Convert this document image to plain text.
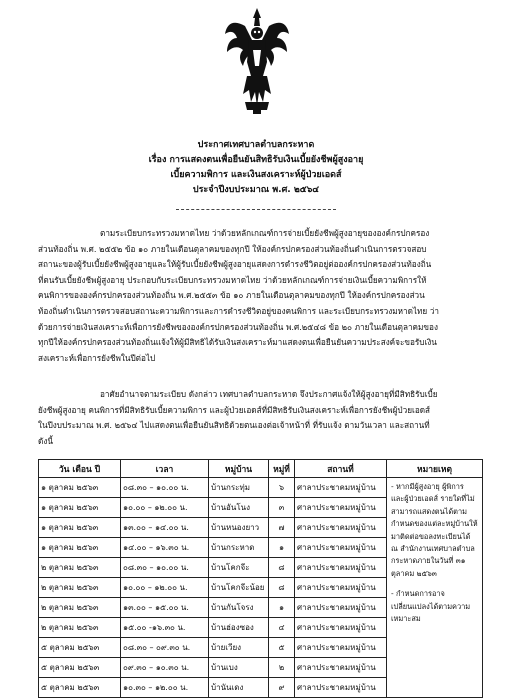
ประกาศเทศบาลตำบลกระหาด
เรื่อง การแสดงตนเพื่อยืนยันสิทธิรับเงินเบี้ยยังชีพผู้สูงอายุ
เบี้ยความพิการ และเงินสงเคราะห์ผู้ป่วยเอดส์
ประจำปีงบประมาณ พ.ศ. ๒๕๖๔
ตามระเบียบกระทรวงมหาดไทย ว่าด้วยหลักเกณฑ์การจ่ายเบี้ยยังชีพผู้สูงอายุขององค์กรปกครอง
ส่วนท้องถิ่น พ.ศ. ๒๕๕๒ ข้อ ๑๐ ภายในเดือนตุลาคมของทุกปี ให้องค์กรปกครองส่วนท้องถิ่นดำเนินการตรวจสอบ
สถานะของผู้รับเบี้ยยังชีพผู้สูงอายุและให้ผู้รับเบี้ยยังชีพผู้สูงอายุแสดงการดำรงชีวิตอยู่ต่อองค์กรปกครองส่วนท้องถิ่น
ที่ตนรับเบี้ยยังชีพผู้สูงอายุ ประกอบกับระเบียบกระทรวงมหาดไทย ว่าด้วยหลักเกณฑ์การจ่ายเงินเบี้ยความพิการให้
คนพิการขององค์กรปกครองส่วนท้องถิ่น พ.ศ.๒๕๕๓ ข้อ ๑๐ ภายในเดือนตุลาคมของทุกปี ให้องค์กรปกครองส่วน
ท้องถิ่นดำเนินการตรวจสอบสถานะความพิการและการดำรงชีวิตอยู่ของคนพิการ และระเบียบกระทรวงมหาดไทย ว่า
ด้วยการจ่ายเงินสงเคราะห์เพื่อการยังชีพขององค์กรปกครองส่วนท้องถิ่น พ.ศ.๒๕๔๘ ข้อ ๒๐ ภายในเดือนตุลาคมของ
ทุกปีให้องค์กรปกครองส่วนท้องถิ่นแจ้งให้ผู้มีสิทธิได้รับเงินสงเคราะห์มาแสดงตนเพื่อยืนยันความประสงค์จะขอรับเงิน
สงเคราะห์เพื่อการยังชีพในปีต่อไป
อาศัยอำนาจตามระเบียบ ดังกล่าว เทศบาลตำบลกระหาด จึงประกาศแจ้งให้ผู้สูงอายุที่มีสิทธิรับเบี้ย
ยังชีพผู้สูงอายุ คนพิการที่มีสิทธิรับเบี้ยความพิการ และผู้ป่วยเอดส์ที่มีสิทธิรับเงินสงเคราะห์เพื่อการยังชีพผู้ป่วยเอดส์
ในปีงบประมาณ พ.ศ. ๒๕๖๔ ไปแสดงตนเพื่อยืนยันสิทธิด้วยตนเองต่อเจ้าหน้าที่ ที่รับแจ้ง ตามวันเวลา และสถานที่
ดังนี้
วัน เดือน ปี	เวลา	หมู่บ้าน	หมู่ที่	สถานที่	หมายเหตุ
๑ ตุลาคม ๒๕๖๓	๐๘.๓๐ – ๑๐.๐๐ น.	บ้านกระทุ่ม	๖	ศาลาประชาคมหมู่บ้าน	- หากมีผู้สูงอายุ ผู้พิการ และผู้ป่วยเอดส์ รายใดที่ไม่สามารถแสดงตนได้ตามกำหนดของแต่ละหมู่บ้านให้มาติดต่อขอลงทะเบียนได้ ณ สำนักงานเทศบาลตำบลกระหาดภายในวันที่ ๓๑ ตุลาคม ๒๕๖๓

- กำหนดการอาจเปลี่ยนแปลงได้ตามความเหมาะสม

๑ ตุลาคม ๒๕๖๓	๑๐.๐๐ – ๑๒.๐๐ น.	บ้านอันโนง	๓	ศาลาประชาคมหมู่บ้าน	
๑ ตุลาคม ๒๕๖๓	๑๓.๐๐ – ๑๔.๐๐ น.	บ้านหนองยาว	๗	ศาลาประชาคมหมู่บ้าน	
๑ ตุลาคม ๒๕๖๓	๑๔.๐๐ – ๑๖.๓๐ น.	บ้านกระหาด	๑	ศาลาประชาคมหมู่บ้าน	
๒ ตุลาคม ๒๕๖๓	๐๘.๓๐ – ๑๐.๐๐ น.	บ้านโคกจีะ	๘	ศาลาประชาคมหมู่บ้าน	
๒ ตุลาคม ๒๕๖๓	๑๐.๐๐ – ๑๒.๐๐ น.	บ้านโคกจีะน้อย	๘	ศาลาประชาคมหมู่บ้าน	
๒ ตุลาคม ๒๕๖๓	๑๓.๐๐ – ๑๕.๐๐ น.	บ้านกันโจรง	๑	ศาลาประชาคมหมู่บ้าน	
๒ ตุลาคม ๒๕๖๓	๑๕.๐๐ -๑๖.๓๐ น.	บ้านฮ่องซอง	๔	ศาลาประชาคมหมู่บ้าน	
๕ ตุลาคม ๒๕๖๓	๐๘.๓๐ – ๐๙.๓๐ น.	บ้ายเวียง	๕	ศาลาประชาคมหมู่บ้าน	
๕ ตุลาคม ๒๕๖๓	๐๙.๓๐ – ๑๐.๓๐ น.	บ้านเบง	๒	ศาลาประชาคมหมู่บ้าน	
๕ ตุลาคม ๒๕๖๓	๑๐.๓๐ – ๑๒.๐๐ น.	บ้านันเดง	๙	ศาลาประชาคมหมู่บ้าน	
